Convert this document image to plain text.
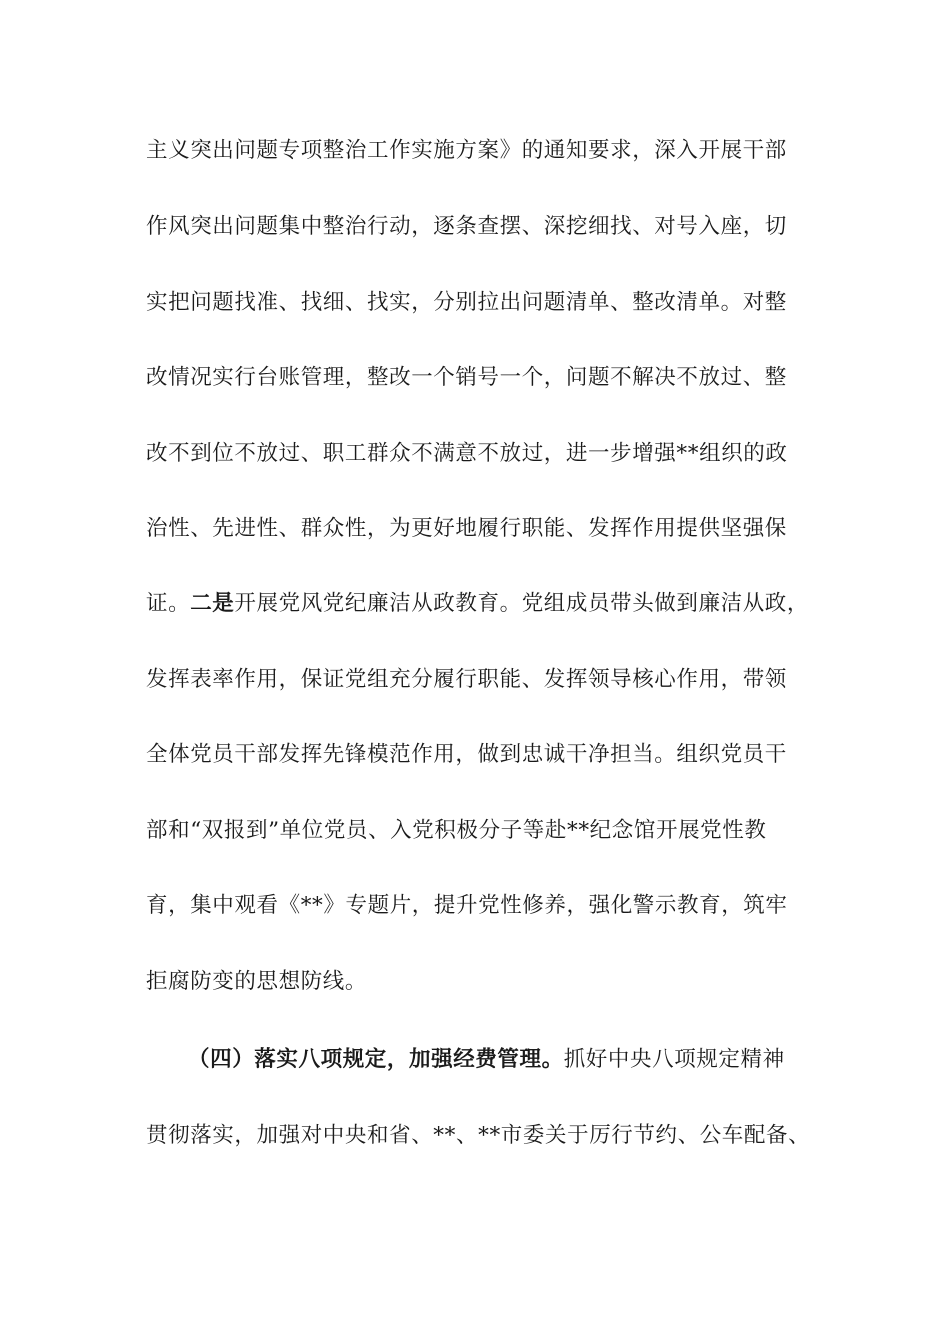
主义突出问题专项整治工作实施方案》的通知要求，深入开展干部
作风突出问题集中整治行动，逐条查摆、深挖细找、对号入座，切
实把问题找准、找细、找实，分别拉出问题清单、整改清单。对整
改情况实行台账管理，整改一个销号一个，问题不解决不放过、整
改不到位不放过、职工群众不满意不放过，进一步增强**组织的政
治性、先进性、群众性，为更好地履行职能、发挥作用提供坚强保
证。二是开展党风党纪廉洁从政教育。党组成员带头做到廉洁从政，
发挥表率作用，保证党组充分履行职能、发挥领导核心作用，带领
全体党员干部发挥先锋模范作用，做到忠诚干净担当。组织党员干
部和“双报到”单位党员、入党积极分子等赴**纪念馆开展党性教
育，集中观看《**》专题片，提升党性修养，强化警示教育，筑牢
拒腐防变的思想防线。
（四）落实八项规定，加强经费管理。抓好中央八项规定精神
贯彻落实，加强对中央和省、**、**市委关于厉行节约、公车配备、
